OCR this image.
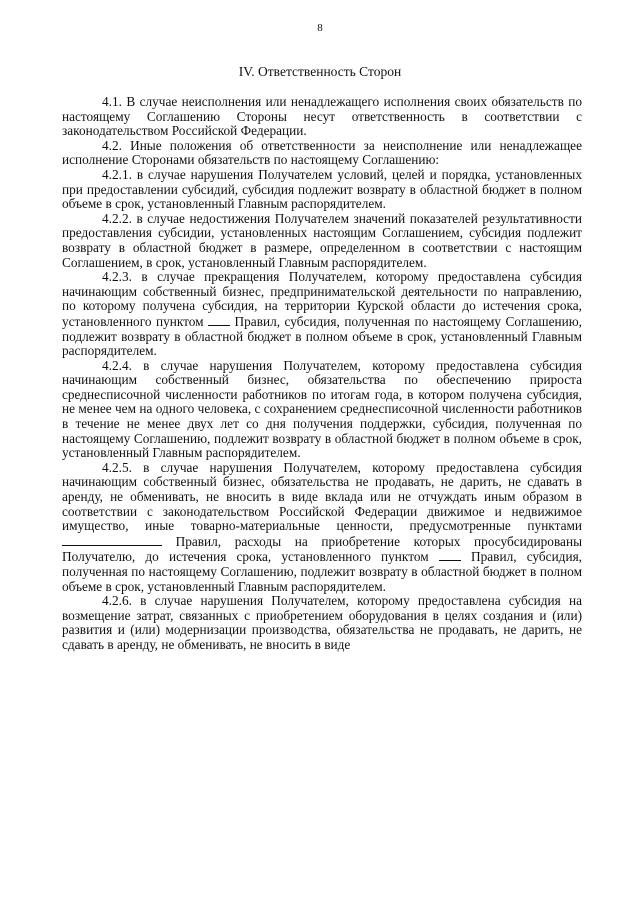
8
IV. Ответственность Сторон

4.1. В случае неисполнения или ненадлежащего исполнения своих обязательств по настоящему Соглашению Стороны несут ответственность в соответствии с законодательством Российской Федерации.

4.2. Иные положения об ответственности за неисполнение или ненадлежащее исполнение Сторонами обязательств по настоящему Соглашению:

4.2.1. в случае нарушения Получателем условий, целей и порядка, установленных при предоставлении субсидий, субсидия подлежит возврату в областной бюджет в полном объеме в срок, установленный Главным распорядителем.

4.2.2. в случае недостижения Получателем значений показателей результативности предоставления субсидии, установленных настоящим Соглашением, субсидия подлежит возврату в областной бюджет в размере, определенном в соответствии с настоящим Соглашением, в срок, установленный Главным распорядителем.

4.2.3. в случае прекращения Получателем, которому предоставлена субсидия начинающим собственный бизнес, предпринимательской деятельности по направлению, по которому получена субсидия, на территории Курской области до истечения срока, установленного пунктом Правил, субсидия, полученная по настоящему Соглашению, подлежит возврату в областной бюджет в полном объеме в срок, установленный Главным распорядителем.

4.2.4. в случае нарушения Получателем, которому предоставлена субсидия начинающим собственный бизнес, обязательства по обеспечению прироста среднесписочной численности работников по итогам года, в котором получена субсидия, не менее чем на одного человека, с сохранением среднесписочной численности работников в течение не менее двух лет со дня получения поддержки, субсидия, полученная по настоящему Соглашению, подлежит возврату в областной бюджет в полном объеме в срок, установленный Главным распорядителем.

4.2.5. в случае нарушения Получателем, которому предоставлена субсидия начинающим собственный бизнес, обязательства не продавать, не дарить, не сдавать в аренду, не обменивать, не вносить в виде вклада или не отчуждать иным образом в соответствии с законодательством Российской Федерации движимое и недвижимое имущество, иные товарно-материальные ценности, предусмотренные пунктами  Правил, расходы на приобретение которых просубсидированы Получателю, до истечения срока, установленного пунктом	Правил, субсидия, полученная по настоящему Соглашению, подлежит возврату в областной бюджет в полном объеме в срок, установленный Главным распорядителем.

4.2.6. в случае нарушения Получателем, которому предоставлена субсидия на возмещение затрат, связанных с приобретением оборудования в целях создания и (или) развития и (или) модернизации производства, обязательства не продавать, не дарить, не сдавать в аренду, не обменивать, не вносить в виде
